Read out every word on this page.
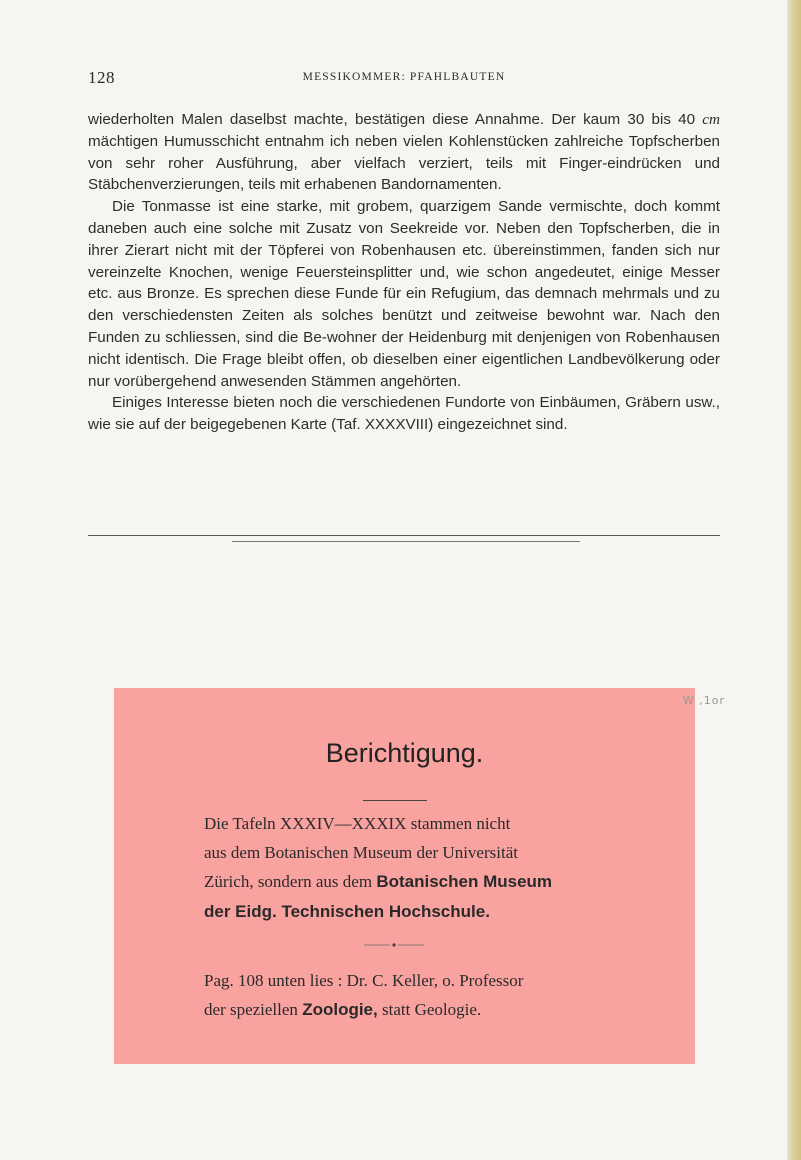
128	MESSIKOMMER: PFAHLBAUTEN

wiederholten Malen daselbst machte, bestätigen diese Annahme. Der kaum 30 bis 40 cm mächtigen Humusschicht entnahm ich neben vielen Kohlenstücken zahlreiche Topfscherben von sehr roher Ausführung, aber vielfach verziert, teils mit Finger-eindrücken und Stäbchenverzierungen, teils mit erhabenen Bandornamenten.

Die Tonmasse ist eine starke, mit grobem, quarzigem Sande vermischte, doch kommt daneben auch eine solche mit Zusatz von Seekreide vor. Neben den Topfscherben, die in ihrer Zierart nicht mit der Töpferei von Robenhausen etc. übereinstimmen, fanden sich nur vereinzelte Knochen, wenige Feuersteinsplitter und, wie schon angedeutet, einige Messer etc. aus Bronze. Es sprechen diese Funde für ein Refugium, das demnach mehrmals und zu den verschiedensten Zeiten als solches benützt und zeitweise bewohnt war. Nach den Funden zu schliessen, sind die Be-wohner der Heidenburg mit denjenigen von Robenhausen nicht identisch. Die Frage bleibt offen, ob dieselben einer eigentlichen Landbevölkerung oder nur vorübergehend anwesenden Stämmen angehörten.

Einiges Interesse bieten noch die verschiedenen Fundorte von Einbäumen, Gräbern usw., wie sie auf der beigegebenen Karte (Taf. XXXXVIII) eingezeichnet sind.

W ,1or
Berichtigung.
Die Tafeln XXXIV—XXXIX stammen nicht
aus dem Botanischen Museum der Universität
Zürich, sondern aus dem Botanischen Museum
der Eidg. Technischen Hochschule.
Pag. 108 unten lies : Dr. C. Keller, o. Professor
der speziellen Zoologie, statt Geologie.
